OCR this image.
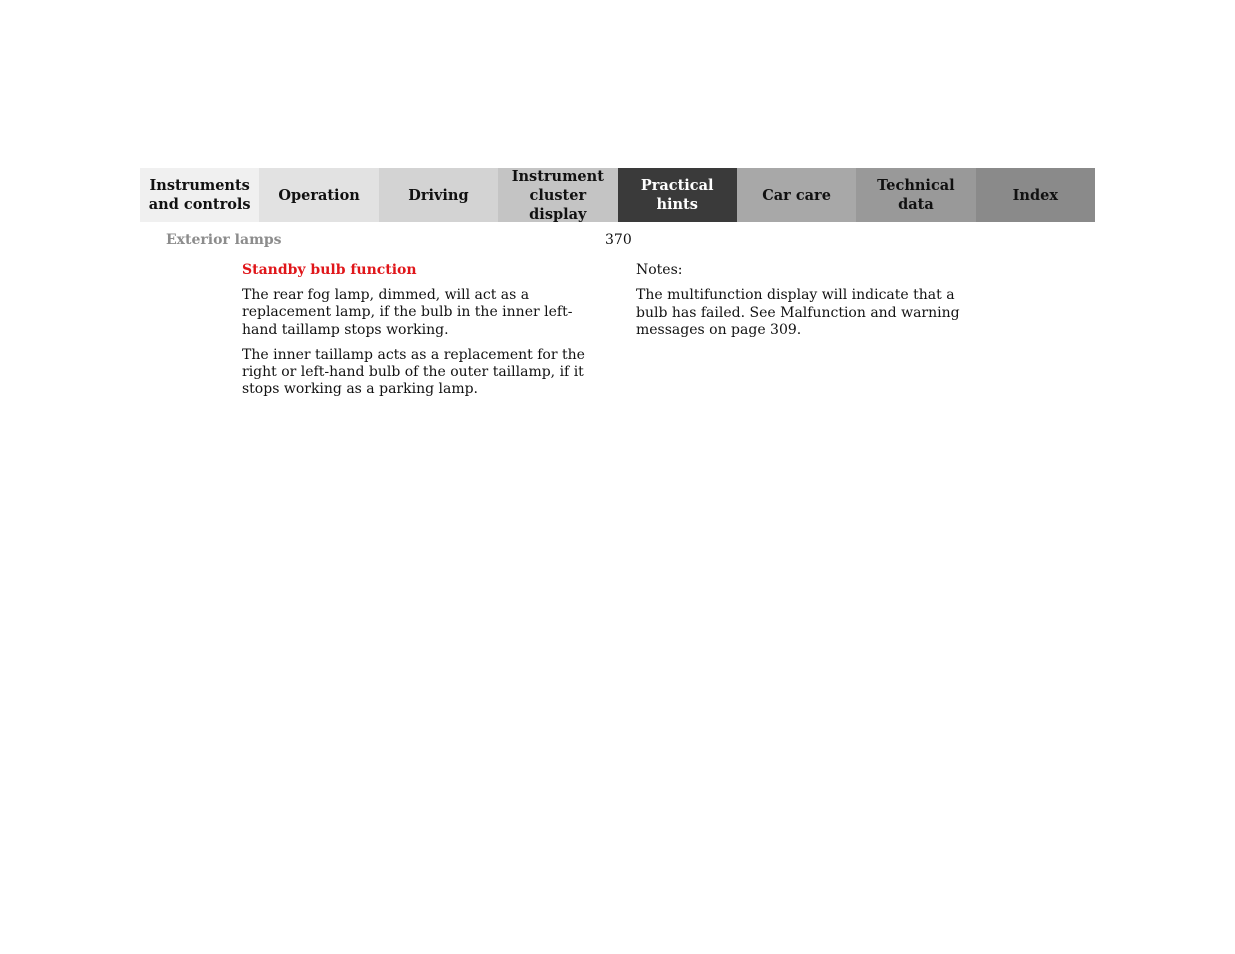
Instruments
and controls
Operation	Driving
Instrument
cluster display
Practical hints
Car care
Technical
data
Index
Exterior lamps	370
Standby bulb function

The rear fog lamp, dimmed, will act as a replacement lamp, if the bulb in the inner left-hand taillamp stops working.

The inner taillamp acts as a replacement for the right or left-hand bulb of the outer taillamp, if it stops working as a parking lamp.

Notes:

The multifunction display will indicate that a bulb has failed. See Malfunction and warning messages on page 309.
